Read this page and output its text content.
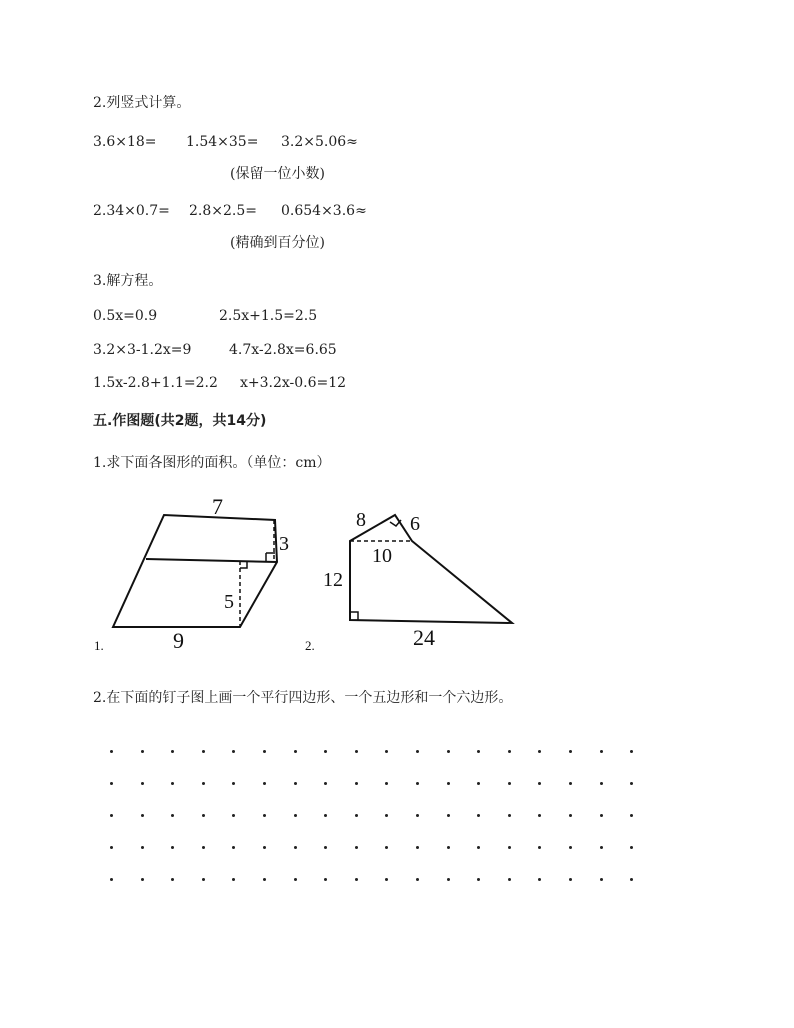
2.列竖式计算。
3.6×18= 1.54×35= 3.2×5.06≈
(保留一位小数)
2.34×0.7= 2.8×2.5= 0.654×3.6≈
(精确到百分位)
3.解方程。
0.5x=0.9	2.5x+1.5=2.5
3.2×3-1.2x=9	4.7x-2.8x=6.65
1.5x-2.8+1.1=2.2 x+3.2x-0.6=12
五.作图题(共2题，共14分)
1.求下面各图形的面积。（单位：cm）
7
3
5
9
1.
8 6
10
12
24
2.
2.在下面的钉子图上画一个平行四边形、一个五边形和一个六边形。
